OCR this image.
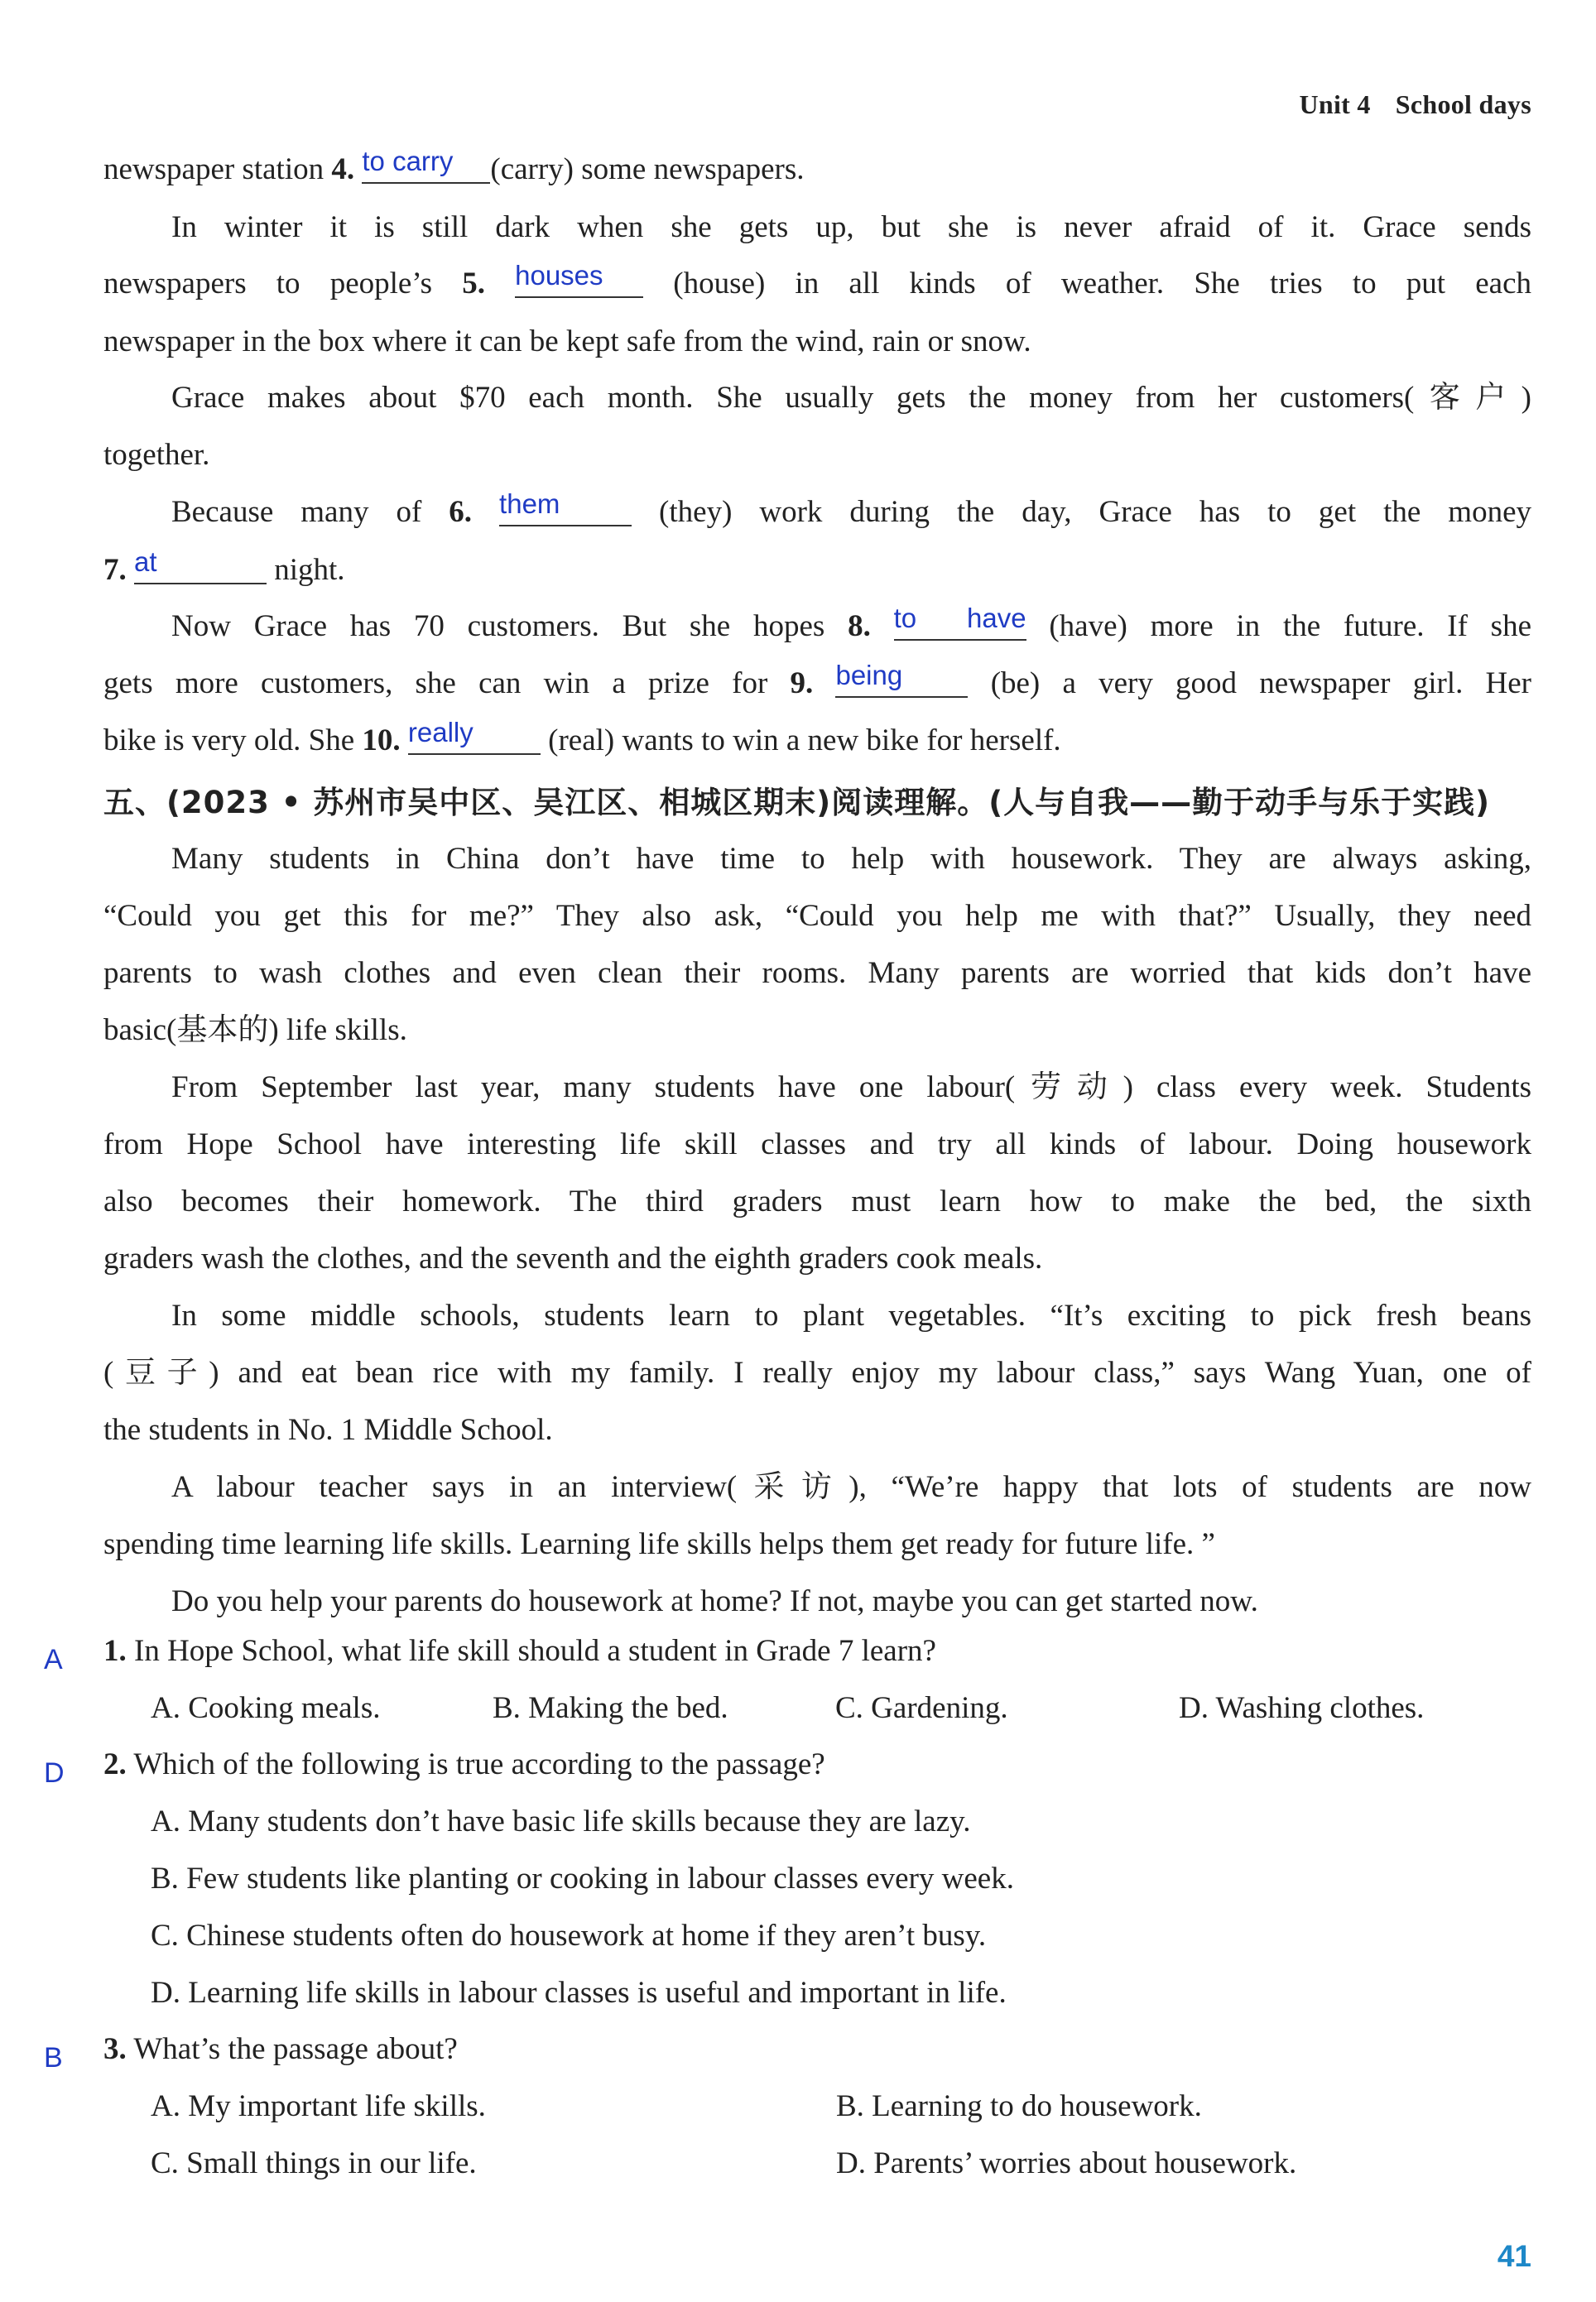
Unit 4 School days
newspaper station 4. to carry	(carry) some newspapers.
In winter it is still dark when she gets up, but she is never afraid of it. Grace sends
newspapers to people’s 5. houses	(house) in all kinds of weather. She tries to put each
newspaper in the box where it can be kept safe from the wind, rain or snow.
Grace makes about $70 each month. She usually gets the money from her customers(客户)
together.
Because many of 6. them	(they) work during the day, Grace has to get the money
7. at	night.
Now Grace has 70 customers. But she hopes 8. to have (have) more in the future. If she
gets more customers, she can win a prize for 9. being	(be) a very good newspaper girl. Her
bike is very old. She 10. really	(real) wants to win a new bike for herself.
五、(2023 • 苏州市吴中区、吴江区、相城区期末)阅读理解。(人与自我——勤于动手与乐于实践)
Many students in China don’t have time to help with housework. They are always asking,
“Could you get this for me?” They also ask, “Could you help me with that?” Usually, they need
parents to wash clothes and even clean their rooms. Many parents are worried that kids don’t have
basic(基本的) life skills.
From September last year, many students have one labour(劳动) class every week. Students
from Hope School have interesting life skill classes and try all kinds of labour. Doing housework
also becomes their homework. The third graders must learn how to make the bed, the sixth
graders wash the clothes, and the seventh and the eighth graders cook meals.
In some middle schools, students learn to plant vegetables. “It’s exciting to pick fresh beans
(豆子) and eat bean rice with my family. I really enjoy my labour class,” says Wang Yuan, one of
the students in No. 1 Middle School.
A labour teacher says in an interview(采访), “We’re happy that lots of students are now
spending time learning life skills. Learning life skills helps them get ready for future life. ”
Do you help your parents do housework at home? If not, maybe you can get started now.
A 1. In Hope School, what life skill should a student in Grade 7 learn?
A. Cooking meals.	B. Making the bed.	C. Gardening.	D. Washing clothes.
D 2. Which of the following is true according to the passage?
A. Many students don’t have basic life skills because they are lazy.
B. Few students like planting or cooking in labour classes every week.
C. Chinese students often do housework at home if they aren’t busy.
D. Learning life skills in labour classes is useful and important in life.
B 3. What’s the passage about?
A. My important life skills.	B. Learning to do housework.
C. Small things in our life.	D. Parents’ worries about housework.
41
